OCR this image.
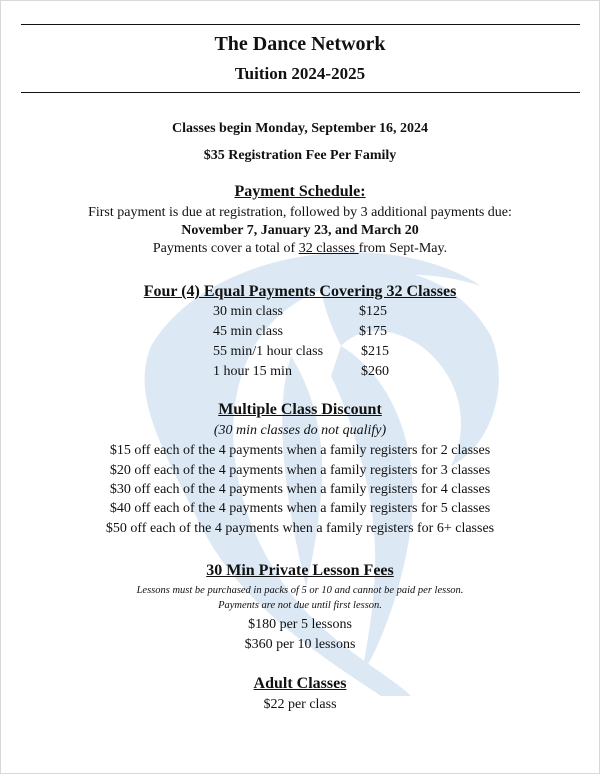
The Dance Network
Tuition 2024-2025
Classes begin Monday, September 16, 2024
$35 Registration Fee Per Family
Payment Schedule:
First payment is due at registration, followed by 3 additional payments due:
November 7, January 23, and March 20
Payments cover a total of 32 classes from Sept-May.
Four (4) Equal Payments Covering 32 Classes
30 min class	$125
45 min class	$175
55 min/1 hour class	$215
1 hour 15 min	$260
Multiple Class Discount
(30 min classes do not qualify)
$15 off each of the 4 payments when a family registers for 2 classes
$20 off each of the 4 payments when a family registers for 3 classes
$30 off each of the 4 payments when a family registers for 4 classes
$40 off each of the 4 payments when a family registers for 5 classes
$50 off each of the 4 payments when a family registers for 6+ classes
30 Min Private Lesson Fees
Lessons must be purchased in packs of 5 or 10 and cannot be paid per lesson.
Payments are not due until first lesson.
$180 per 5 lessons
$360 per 10 lessons
Adult Classes
$22 per class
